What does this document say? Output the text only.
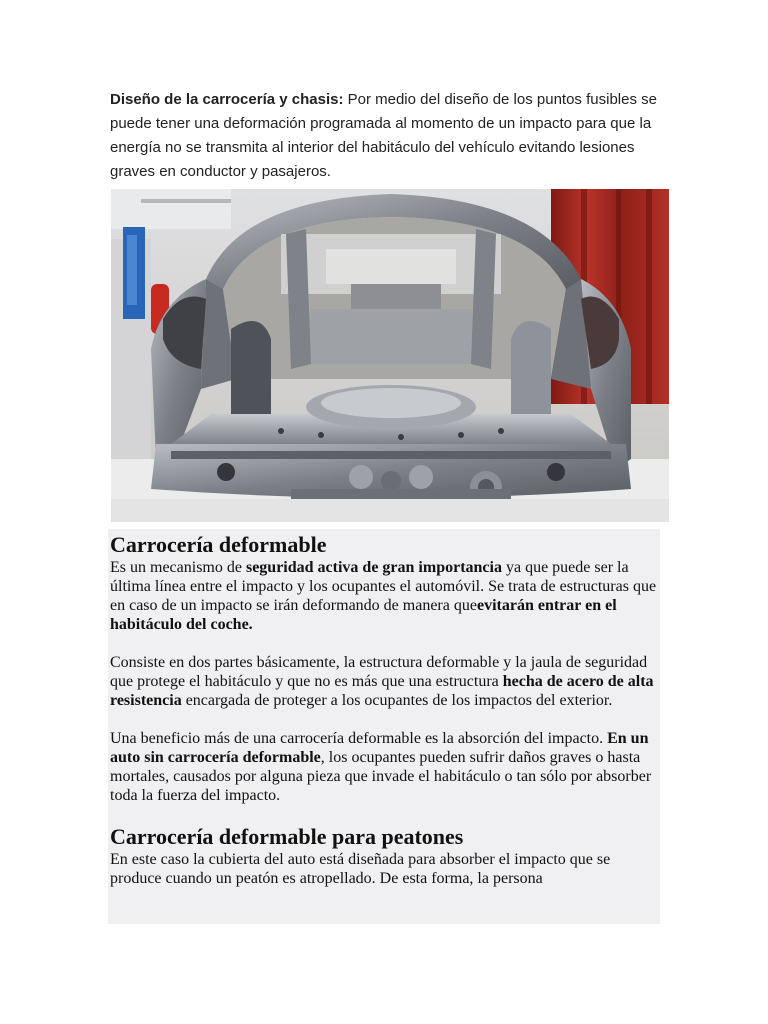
Diseño de la carrocería y chasis: Por medio del diseño de los puntos fusibles se puede tener una deformación programada al momento de un impacto para que la energía no se transmita al interior del habitáculo del vehículo evitando lesiones graves en conductor y pasajeros.
Carrocería deformable

Es un mecanismo de seguridad activa de gran importancia ya que puede ser la última línea entre el impacto y los ocupantes el automóvil. Se trata de estructuras que en caso de un impacto se irán deformando de manera queevitarán entrar en el habitáculo del coche.

Consiste en dos partes básicamente, la estructura deformable y la jaula de seguridad que protege el habitáculo y que no es más que una estructura hecha de acero de alta resistencia encargada de proteger a los ocupantes de los impactos del exterior.

Una beneficio más de una carrocería deformable es la absorción del impacto. En un auto sin carrocería deformable, los ocupantes pueden sufrir daños graves o hasta mortales, causados por alguna pieza que invade el habitáculo o tan sólo por absorber toda la fuerza del impacto.

Carrocería deformable para peatones

En este caso la cubierta del auto está diseñada para absorber el impacto que se produce cuando un peatón es atropellado. De esta forma, la persona
